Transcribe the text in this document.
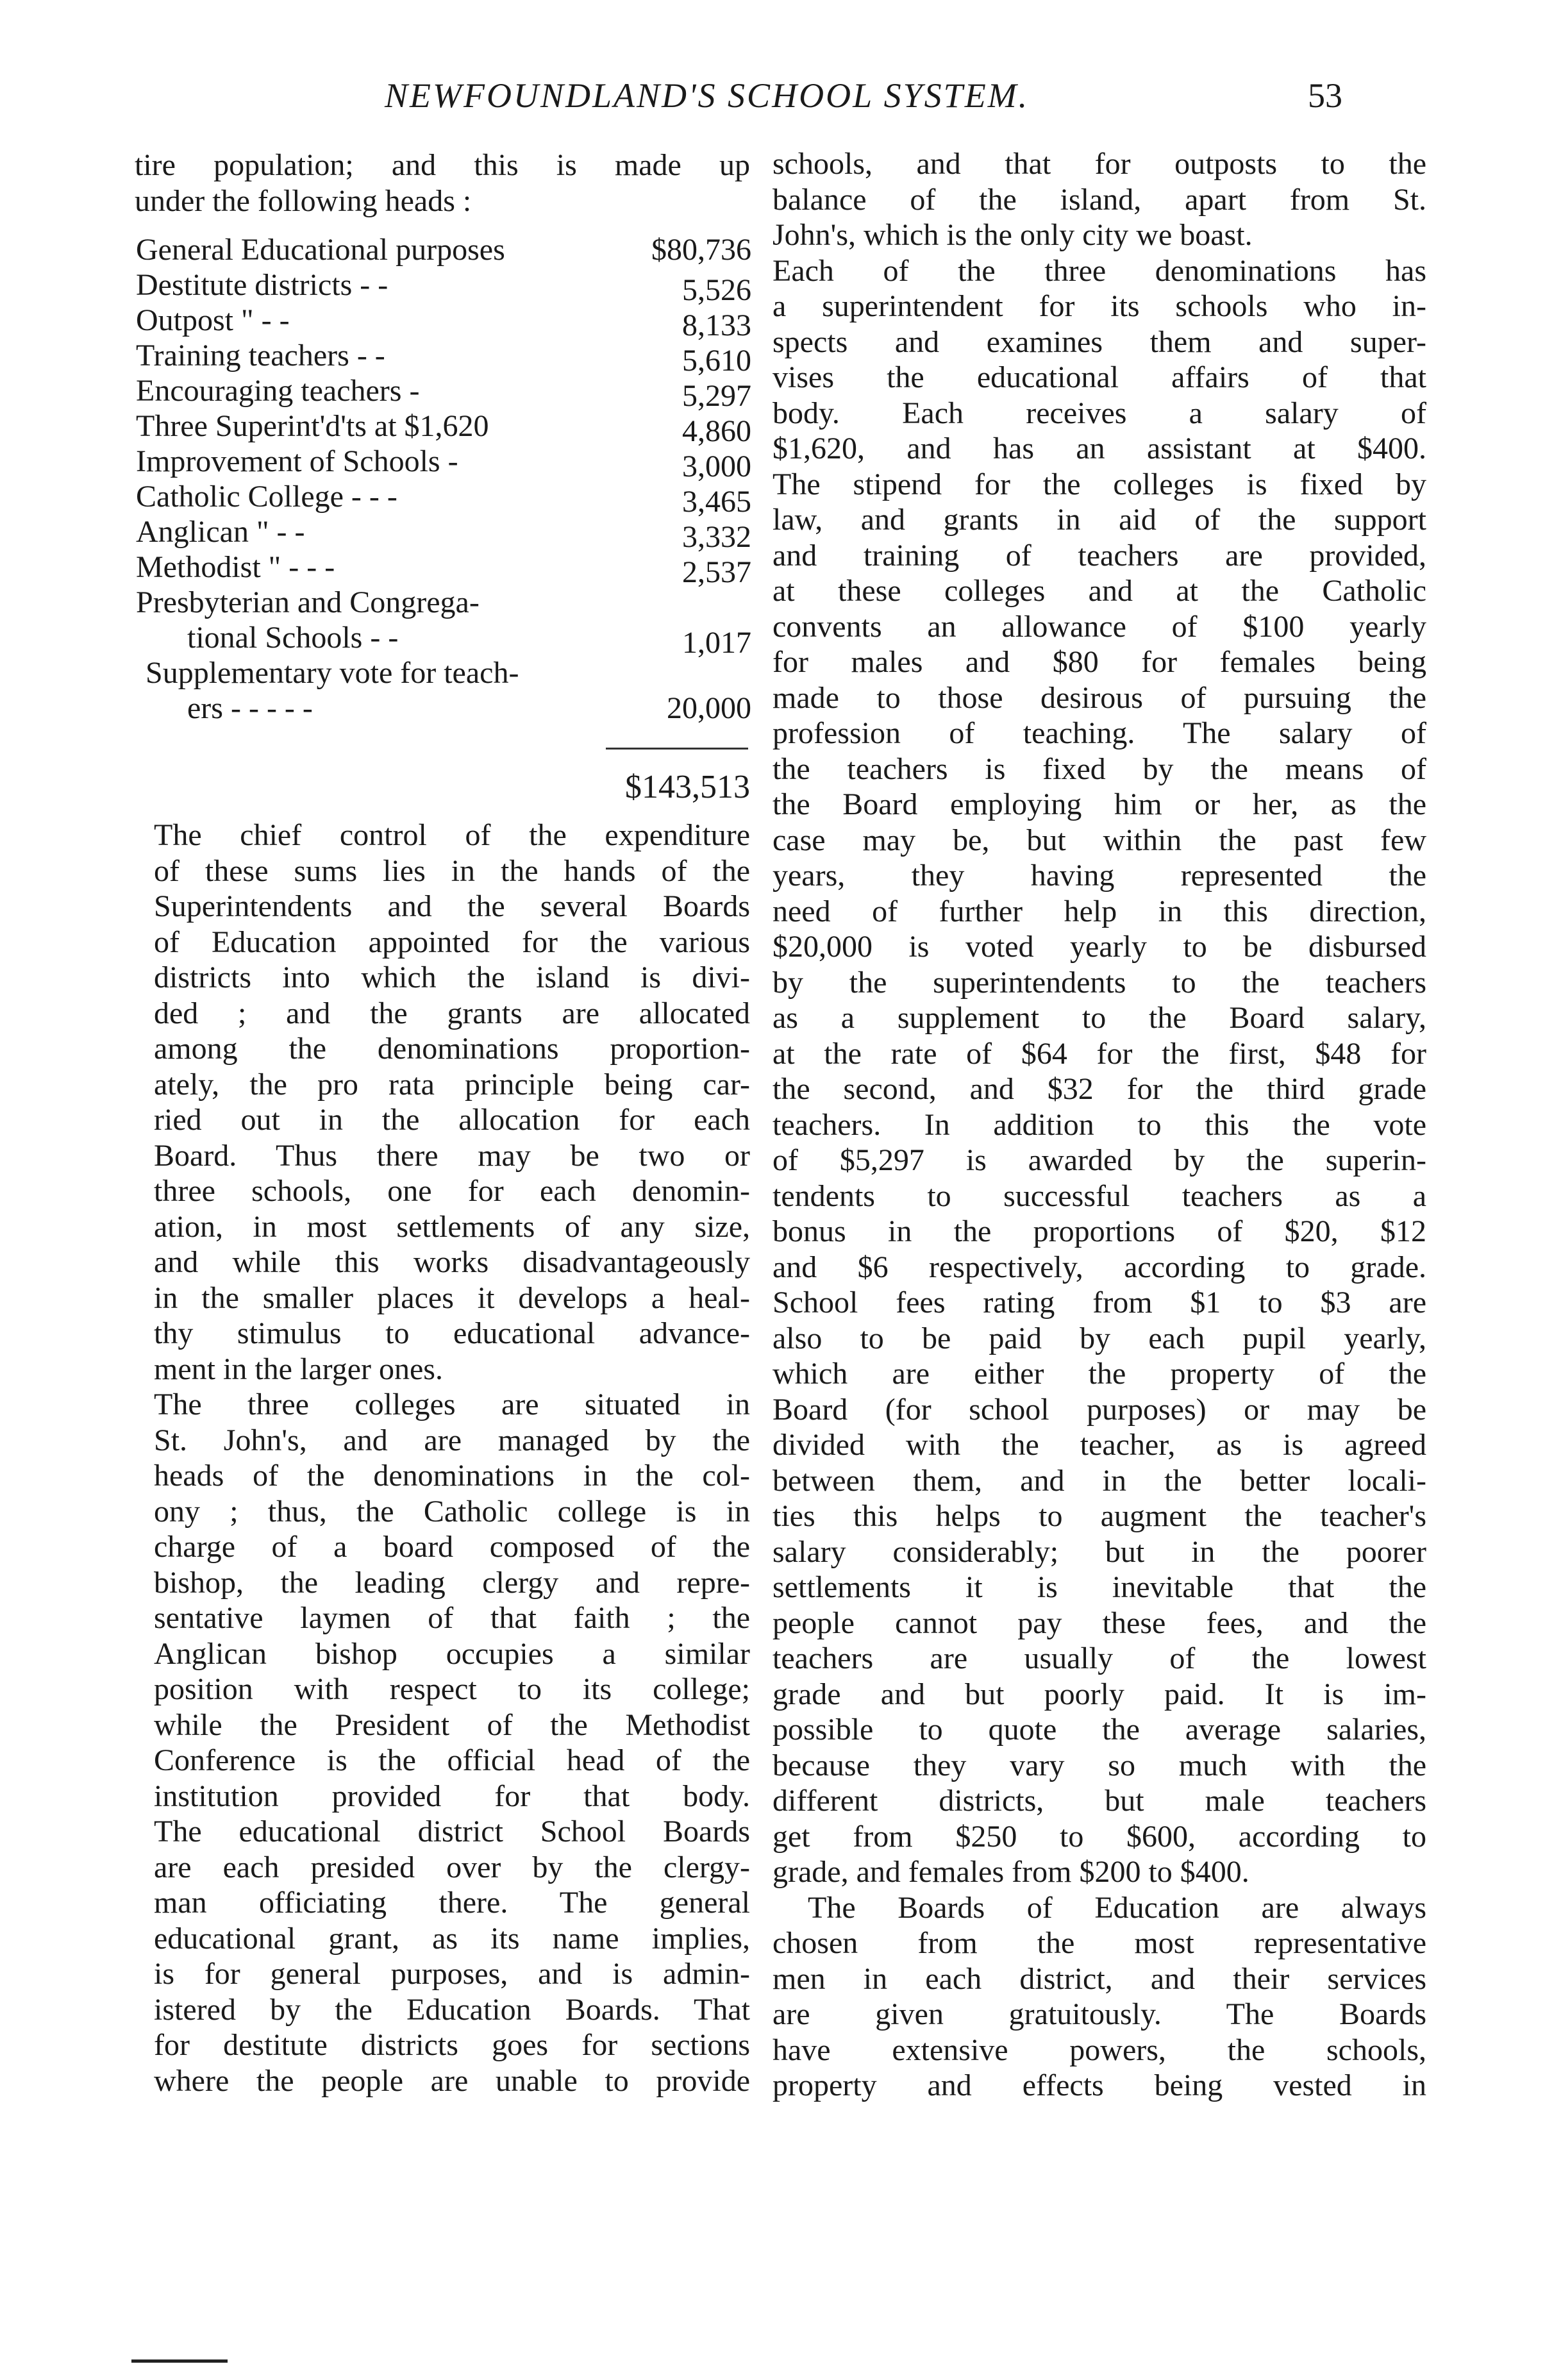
NEWFOUNDLAND'S SCHOOL SYSTEM.	53
tire population; and this is made up
under the following heads :
General Educational purposes	$80,736
Destitute districts - -	5,526
Outpost " - -	8,133
Training teachers - -	5,610
Encouraging teachers -	5,297
Three Superint'd'ts at $1,620	4,860
Improvement of Schools -	3,000
Catholic College - - -	3,465
Anglican " - -	3,332
Methodist " - - -	2,537
Presbyterian and Congrega-
tional Schools - -	1,017
Supplementary vote for teach-
ers - - - - -	20,000
$143,513
The chief control of the expenditure
of these sums lies in the hands of the
Superintendents and the several Boards
of Education appointed for the various
districts into which the island is divi-
ded ; and the grants are allocated
among the denominations proportion-
ately, the pro rata principle being car-
ried out in the allocation for each
Board. Thus there may be two or
three schools, one for each denomin-
ation, in most settlements of any size,
and while this works disadvantageously
in the smaller places it develops a heal-
thy stimulus to educational advance-
ment in the larger ones.
The three colleges are situated in
St. John's, and are managed by the
heads of the denominations in the col-
ony ; thus, the Catholic college is in
charge of a board composed of the
bishop, the leading clergy and repre-
sentative laymen of that faith ; the
Anglican bishop occupies a similar
position with respect to its college;
while the President of the Methodist
Conference is the official head of the
institution provided for that body.
The educational district School Boards
are each presided over by the clergy-
man officiating there. The general
educational grant, as its name implies,
is for general purposes, and is admin-
istered by the Education Boards. That
for destitute districts goes for sections
where the people are unable to provide
schools, and that for outposts to the
balance of the island, apart from St.
John's, which is the only city we boast.
Each of the three denominations has
a superintendent for its schools who in-
spects and examines them and super-
vises the educational affairs of that
body. Each receives a salary of
$1,620, and has an assistant at $400.
The stipend for the colleges is fixed by
law, and grants in aid of the support
and training of teachers are provided,
at these colleges and at the Catholic
convents an allowance of $100 yearly
for males and $80 for females being
made to those desirous of pursuing the
profession of teaching. The salary of
the teachers is fixed by the means of
the Board employing him or her, as the
case may be, but within the past few
years, they having represented the
need of further help in this direction,
$20,000 is voted yearly to be disbursed
by the superintendents to the teachers
as a supplement to the Board salary,
at the rate of $64 for the first, $48 for
the second, and $32 for the third grade
teachers. In addition to this the vote
of $5,297 is awarded by the superin-
tendents to successful teachers as a
bonus in the proportions of $20, $12
and $6 respectively, according to grade.
School fees rating from $1 to $3 are
also to be paid by each pupil yearly,
which are either the property of the
Board (for school purposes) or may be
divided with the teacher, as is agreed
between them, and in the better locali-
ties this helps to augment the teacher's
salary considerably; but in the poorer
settlements it is inevitable that the
people cannot pay these fees, and the
teachers are usually of the lowest
grade and but poorly paid. It is im-
possible to quote the average salaries,
because they vary so much with the
different districts, but male teachers
get from $250 to $600, according to
grade, and females from $200 to $400.
The Boards of Education are always
chosen from the most representative
men in each district, and their services
are given gratuitously. The Boards
have extensive powers, the schools,
property and effects being vested in
